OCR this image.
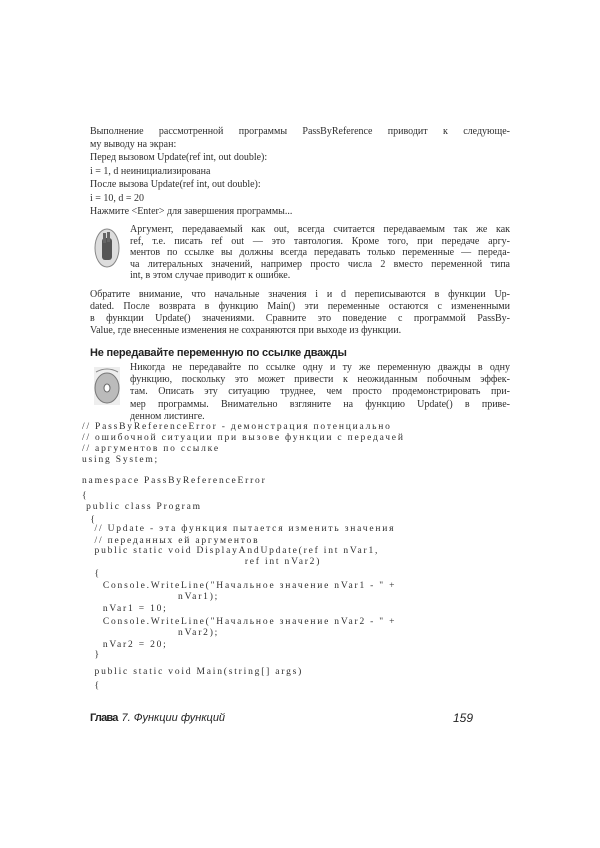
Выполнение рассмотренной программы PassByReference приводит к следующе-
му выводу на экран:
Перед вызовом Update(ref int, out double):
i = 1, d неинициализирована
После вызова Update(ref int, out double):
i = 10, d = 20
Нажмите <Enter> для завершения программы...
Аргумент, передаваемый как out, всегда считается передаваемым так же как
ref, т.е. писать ref out — это тавтология. Кроме того, при передаче аргу-
ментов по ссылке вы должны всегда передавать только переменные — переда-
ча литеральных значений, например просто числа 2 вместо переменной типа
int, в этом случае приводит к ошибке.
Обратите внимание, что начальные значения i и d переписываются в функции Up-
dated. После возврата в функцию Main() эти переменные остаются с измененными
в функции Update() значениями. Сравните это поведение с программой PassBy-
Value, где внесенные изменения не сохраняются при выходе из функции.
Не передавайте переменную по ссылке дважды
Никогда не передавайте по ссылке одну и ту же переменную дважды в одну
функцию, поскольку это может привести к неожиданным побочным эффек-
там. Описать эту ситуацию труднее, чем просто продемонстрировать при-
мер программы. Внимательно взгляните на функцию Update() в приве-
денном листинге.
// PassByReferenceError - демонстрация потенциально
// ошибочной ситуации при вызове функции с передачей
// аргументов по ссылке
using System;
namespace PassByReferenceError
{
public class Program
{
// Update - эта функция пытается изменить значения
// переданных ей аргументов
public static void DisplayAndUpdate(ref int nVar1,
ref int nVar2)
{
Console.WriteLine("Начальное значение nVar1 - " +
nVar1);
nVar1 = 10;
Console.WriteLine("Начальное значение nVar2 - " +
nVar2);
nVar2 = 20;
}
public static void Main(string[] args)
{
Глава 7. Функции функций	159
